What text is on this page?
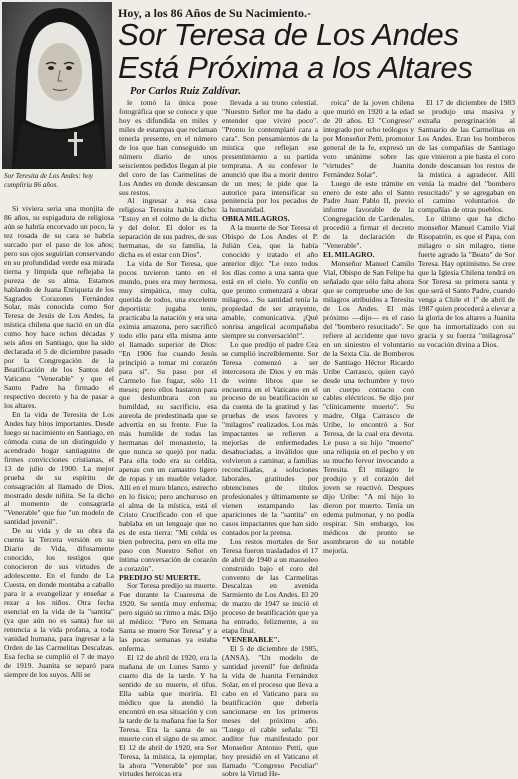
Sor Teresita de Los Andes: hoy cumpliría 86 años.
Hoy, a los 86 Años de Su Nacimiento.-
Sor Teresa de Los Andes
Está Próxima a los Altares
Por Carlos Ruiz Zaldívar.

Si viviera seria una monjita de 86 años, su espigadura de religiosa aún se habría encorvado un poco, la tez rosada de su cara se habría surcado por el paso de los años; pero sus ojos seguirían conservando en su profundidad verde esa mirada tierna y límpida que reflejaba la pureza de su alma. Estamos hablando de Juana Enriqueta de los Sagrados Corazones Fernández Solar, más conocida como Sor Teresa de Jesús de Los Andes, la mística chilena que nació en un día como hoy hace ochos décadas y seis años en Santiago, que ha sido declarada el 5 de diciembre pasado por la Congregación de la Beatificación de los Santos del Vaticano "Venerable" y que el Santo Padre ha firmado el respectivo decreto y ha de pasar a los altares.

En la vida de Teresita de Los Andes hay hitos importantes. Desde luego su nacimiento en Santiago, en cómoda cuna de un distinguido y acendrado hogar santiaguino de firmes convicciones cristianas, el 13 de julio de 1900. La mejor prueba de su espíritu de consagración al llamado de Dios, mostrado desde niñita. Se la dicho al momento de consagrarla "Venerable" que fue "un modelo de santidad juvenil".

De su vida y de su obra da cuenta la Tercera versión en su Diario de Vida, difusamente conocido, los testigos que conocieron de sus virtudes de adolescente. En el fundo de La Cuesta, en donde montaba a caballo para ir a evangelizar y enseñar a rezar a los niños. Otra fecha esencial en la vida de la "santita" (ya que aún no es santa) fue su renuncia a la vida profana, a toda vanidad humana, para ingresar a la Orden de las Carmelitas Descalzas. Esa fecha se cumplió el 7 de mayo de 1919. Juanita se separó para siempre de los suyos. Allí se

le tomó la única pose fotográfica que se conoce y que hoy es difundida en miles y miles de estampas que reclaman tenerla presente, en el número de los que han conseguido un número diario de unos seiscientos pedidos llegan al pie del coro de las Carmelitas de Los Andes en donde descansan sus restos.

Al ingresar a esa casa religiosa Teresita había dicho: "Estoy en el colmo de la dicha y del dolor. El dolor es la separación de sus padres, de sus hermanas, de su familia, la dicha es el estar con Dios".

La vida de Sor Teresa, que pocos tuvieron tanto en el mundo, pues era muy hermosa, muy simpática, muy culta, querida de todos, una excelente deportista: jugaba tenis, practicaba la natación y era una eximia amazona, pero sacrificó todo ello para ella misma ante el llamado superior de Dios: "En 1906 fue cuando Jesús principió a tomar mi corazón para sí". Su paso por el Carmelo fue fugaz, sólo 11 meses; pero ellos bastaron para que deslumbrara con su humildad, su sacrificio, esa aureola de predestinada que se advertía en su frente. Fue la más humilde de todas las hermanas del monasterio, la que nunca se quejó por nada. Para ella todo era su celdita, apenas con un camastro ligero de ropas y un mueble velador. Allí en el muro blanco, estrecho en lo físico; pero anchuroso en el alma de la mística, está el Cristo Crucificado con el que hablaba en un lenguaje que no es de esta tierra: "Mi celda es bien pobrecita, pero en ella me paso con Nuestro Señor en íntima conversación de corazón a corazón".

PREDIJO SU MUERTE.

Sor Teresa predijo su muerte. Fue durante la Cuaresma de 1920. Se sentía muy enferma; pero siguió su ritmo a más. Dijo al médico: "Pero en Semana Santa se muere Sor Teresa" y a las pocas semanas ya estaba enferma.

El 12 de abril de 1920, era la mañana de un Lunes Santo y cuarto día de la tarde. Y ha sentido de su muerte, el tifus. Ella sabía que moriría. El médico que la atendió la encontró en esa situación y con la tarde de la mañana fue la Sor Teresa. Era la santa de su muerte con el signo de su amor. El 12 de abril de 1920, era Sor Teresa, la mística, la ejemplar, la ahora "Venerable" por sus virtudes heroicas era

llevada a su trono celestial. "Nuestro Señor me ha dado a entender que viviré poco". "Pronto lo contemplaré cara a cara". Son pensamientos de la mística que reflejan ese presentimiento a su partida temprana. A su confesor le anunció que iba a morir dentro de un mes; le pide que la autorice para intensificar su penitencia por los pecados de la humanidad.

OBRA MILAGROS.

A la muerte de Sor Teresa el Obispo de Los Andes el P. Julián Cea, que la había conocido y tratado el año anterior dijo: "Le rezo todos los días como a una santa que está en el cielo. Yo confío en que pronto comenzará a obrar milagros... Su santidad tenía la propiedad de ser atrayente, amable, comunicativa. ¡Qué sonrisa angelical acompañaba siempre su conversación!".

Lo que predijo el padre Cea se cumplió increíblemente. Sor Teresa comenzó a ser intercesora de Dios y en más de veinte libros que se encuentra en el Vaticano en el proceso de su beatificación se da cuenta de la gratitud y las pruebas de esos favores y "milagros" realizados. Los más impactantes se refieren a mejorías de enfermedades desahuciadas, a inválidos que volvieron a caminar, a familias reconciliadas, a soluciones laborales, gratitudes por obtenciones de títulos profesionales y últimamente se vienen estampando las apariciones de la "santita" en casos impactantes que han sido contados por la prensa.

Los restos mortales de Sor Teresa fueron trasladados el 17 de abril de 1940 a un mausoleo construido bajo el coro del convento de las Carmelitas Descalzas en avenida Sarmiento de Los Andes. El 20 de marzo de 1947 se inició el proceso de beatificación que ya ha entrado, felizmente, a su etapa final.

"VENERABLE".

El 5 de diciembre de 1985, (ANSA). "Un modelo de santidad juvenil" fue definida la vida de Juanita Fernández Solar, en el proceso que lleva a cabo en el Vaticano para su beatificación que debería sancionarse en los primeros meses del próximo año. "Luego el cable señala: "El auditor fue manifestado por Monseñor Antonio Petti, que hoy presidió en el Vaticano el llamado "Congreso Peculiar" sobre la Virtud He-

roica" de la joven chilena que murió en 1920 a la edad de 20 años. El "Congreso" integrado por ocho teólogos y por Monseñor Petti, promotor general de la fe, expresó un voto unánime sobre las "virtudes" de Juanita Fernández Solar".

Luego de este trámite en enero de este año el Santo Padre Juan Pablo II, previo informe favorable de la Congregación de Cardenales, procedió a firmar el decreto de la declaración de "Venerable".

EL MILAGRO.

Monseñor Manuel Camilo Vial, Obispo de San Felipe ha señalado que sólo falta ahora que se compruebe uno de los milagros atribuidos a Teresita de Los Andes. El más próximo —dijo— es el caso del "bombero resucitado". Se refiere al accidente que tuvo en un siniestro el voluntario de la Sexta Cía. de Bomberos de Santiago Héctor Ricardo Uribe Carrasco, quien cayó desde una techumbre y tuvo un cuerpo contacto con cables eléctricos. Se dijo por "clínicamente muerto". Su madre, Olga Carrasco de Uribe, lo encontró a Sor Teresa, de la cual era devota. Le puso a su hijo "muerto" una reliquia en el pecho y en su mucho fervor invocando a Teresita. Él milagro le produjo y el corazón del joven se reactivó. Despues dijo Uribe: "A mí hijo lo dieron por muerto. Tenía un edema pulmonar, y no podía respirar. Sin embargo, los médicos de pronto se asombraron de su notable mejoría.

El 17 de diciembre de 1983 se produjo una masiva y extraña peregrinación al Santuario de las Carmelitas en Los Andes. Eran los bomberos de las compañías de Santiago que vinieron a pie hasta el coro donde descansan los restos de la mística a agradecer. Allí venía la madre del "bombero resucitado" y se agregaban en el camino voluntarios de compañías de otras pueblos.

Lo último que ha dicho monseñor Manuel Camilo Vial Risopatrón, es que el Papa, con milagro o sin milagro, tiene fuerte agrado la "Beato" de Sor Teresa. Hay optimismo. Se cree que la Iglesia Chilena tendrá en Sor Teresa su primera santa y que será el Santo Padre, cuando venga a Chile el 1º de abril de 1987 quien procederá a elevar a la gloria de los altares a Juanita que ha inmortalizado con su gracia y su fuerza "milagrosa" su vocación divina a Dios.
